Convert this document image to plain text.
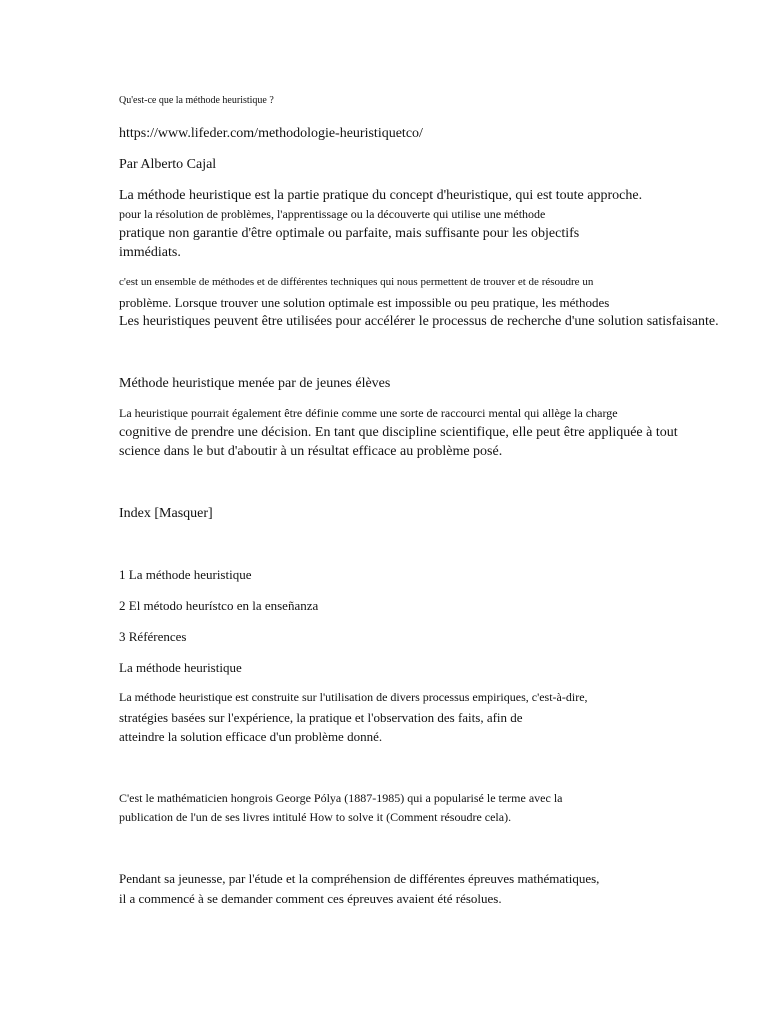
Qu'est-ce que la méthode heuristique ?
https://www.lifeder.com/methodologie-heuristiquetco/
Par Alberto Cajal
La méthode heuristique est la partie pratique du concept d'heuristique, qui est toute approche.
pour la résolution de problèmes, l'apprentissage ou la découverte qui utilise une méthode
pratique non garantie d'être optimale ou parfaite, mais suffisante pour les objectifs
immédiats.
c'est un ensemble de méthodes et de différentes techniques qui nous permettent de trouver et de résoudre un
problème. Lorsque trouver une solution optimale est impossible ou peu pratique, les méthodes
Les heuristiques peuvent être utilisées pour accélérer le processus de recherche d'une solution satisfaisante.
Méthode heuristique menée par de jeunes élèves
La heuristique pourrait également être définie comme une sorte de raccourci mental qui allège la charge
cognitive de prendre une décision. En tant que discipline scientifique, elle peut être appliquée à tout
science dans le but d'aboutir à un résultat efficace au problème posé.
Index [Masquer]
1 La méthode heuristique
2 El método heurístco en la enseñanza
3 Références
La méthode heuristique
La méthode heuristique est construite sur l'utilisation de divers processus empiriques, c'est-à-dire,
stratégies basées sur l'expérience, la pratique et l'observation des faits, afin de
atteindre la solution efficace d'un problème donné.
C'est le mathématicien hongrois George Pólya (1887-1985) qui a popularisé le terme avec la
publication de l'un de ses livres intitulé How to solve it (Comment résoudre cela).
Pendant sa jeunesse, par l'étude et la compréhension de différentes épreuves mathématiques,
il a commencé à se demander comment ces épreuves avaient été résolues.
